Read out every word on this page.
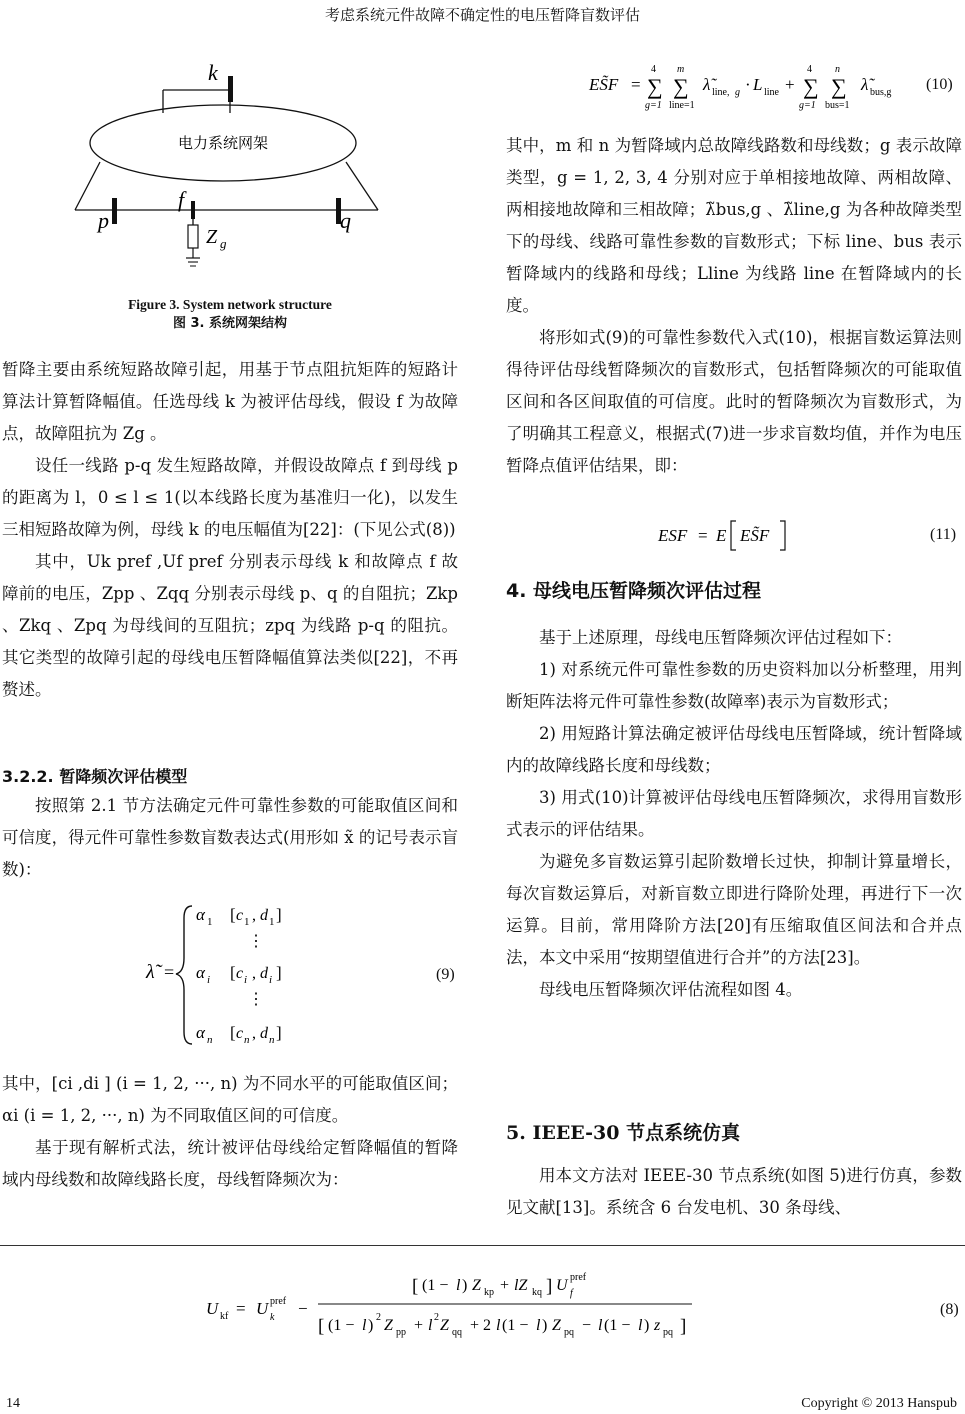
考虑系统元件故障不确定性的电压暂降盲数评估
k
电力系统网架
p	q
f
Z g
Figure 3. System network structure
图 3. 系统网架结构

暂降主要由系统短路故障引起，用基于节点阻抗矩阵的短路计算法计算暂降幅值。任选母线 k 为被评估母线，假设 f 为故障点，故障阻抗为 Zg 。

设任一线路 p-q 发生短路故障，并假设故障点 f 到母线 p 的距离为 l，0 ≤ l ≤ 1(以本线路长度为基准归一化)，以发生三相短路故障为例，母线 k 的电压幅值为[22]：(下见公式(8))

其中，Uk pref ,Uf pref 分别表示母线 k 和故障点 f 故障前的电压，Zpp 、Zqq 分别表示母线 p、q 的自阻抗；Zkp 、Zkq 、Zpq 为母线间的互阻抗；zpq 为线路 p-q 的阻抗。其它类型的故障引起的母线电压暂降幅值算法类似[22]，不再赘述。

3.2.2. 暂降频次评估模型

按照第 2.1 节方法确定元件可靠性参数的可能取值区间和可信度，得元件可靠性参数盲数表达式(用形如 x̃ 的记号表示盲数)：

λ̃ =
α 1 [ c 1 , d 1 ]
⋮
α i [ c i , d i ]
⋮
α n [ c n , d n ]
(9)

其中，[ci ,di ] (i = 1, 2, ···, n) 为不同水平的可能取值区间；αi (i = 1, 2, ···, n) 为不同取值区间的可信度。

基于现有解析式法，统计被评估母线给定暂降幅值的暂降域内母线数和故障线路长度，母线暂降频次为：

ES̃F =
4
∑
g=1
m
∑
line=1
λ̃ line, g · L line +
4
∑
g=1
n
∑
bus=1
λ̃ bus,g (10)

其中，m 和 n 为暂降域内总故障线路数和母线数；g 表示故障类型，g = 1, 2, 3, 4 分别对应于单相接地故障、两相故障、两相接地故障和三相故障；λ̃bus,g 、λ̃line,g 为各种故障类型下的母线、线路可靠性参数的盲数形式；下标 line、bus 表示暂降域内的线路和母线；Lline 为线路 line 在暂降域内的长度。

将形如式(9)的可靠性参数代入式(10)，根据盲数运算法则得待评估母线暂降频次的盲数形式，包括暂降频次的可能取值区间和各区间取值的可信度。此时的暂降频次为盲数形式，为了明确其工程意义，根据式(7)进一步求盲数均值，并作为电压暂降点值评估结果，即：

ESF = E ES̃F	(11)
4. 母线电压暂降频次评估过程

基于上述原理，母线电压暂降频次评估过程如下：

1) 对系统元件可靠性参数的历史资料加以分析整理，用判断矩阵法将元件可靠性参数(故障率)表示为盲数形式；

2) 用短路计算法确定被评估母线电压暂降域，统计暂降域内的故障线路长度和母线数；

3) 用式(10)计算被评估母线电压暂降频次，求得用盲数形式表示的评估结果。

为避免多盲数运算引起阶数增长过快，抑制计算量增长，每次盲数运算后，对新盲数立即进行降阶处理，再进行下一次运算。目前，常用降阶方法[20]有压缩取值区间法和合并点法，本文中采用“按期望值进行合并”的方法[23]。

母线电压暂降频次评估流程如图 4。

5. IEEE-30 节点系统仿真

用本文方法对 IEEE-30 节点系统(如图 5)进行仿真，参数见文献[13]。系统含 6 台发电机、30 条母线、

U kf = U pref
k −
[ (1 − l ) Z kp + lZ kq ] U pref
f
[ (1 − l ) 2 Z pp + l 2 Z qq + 2 l (1 − l ) Z pq − l (1 − l ) z pq ]
(8)
14	Copyright © 2013 Hanspub
